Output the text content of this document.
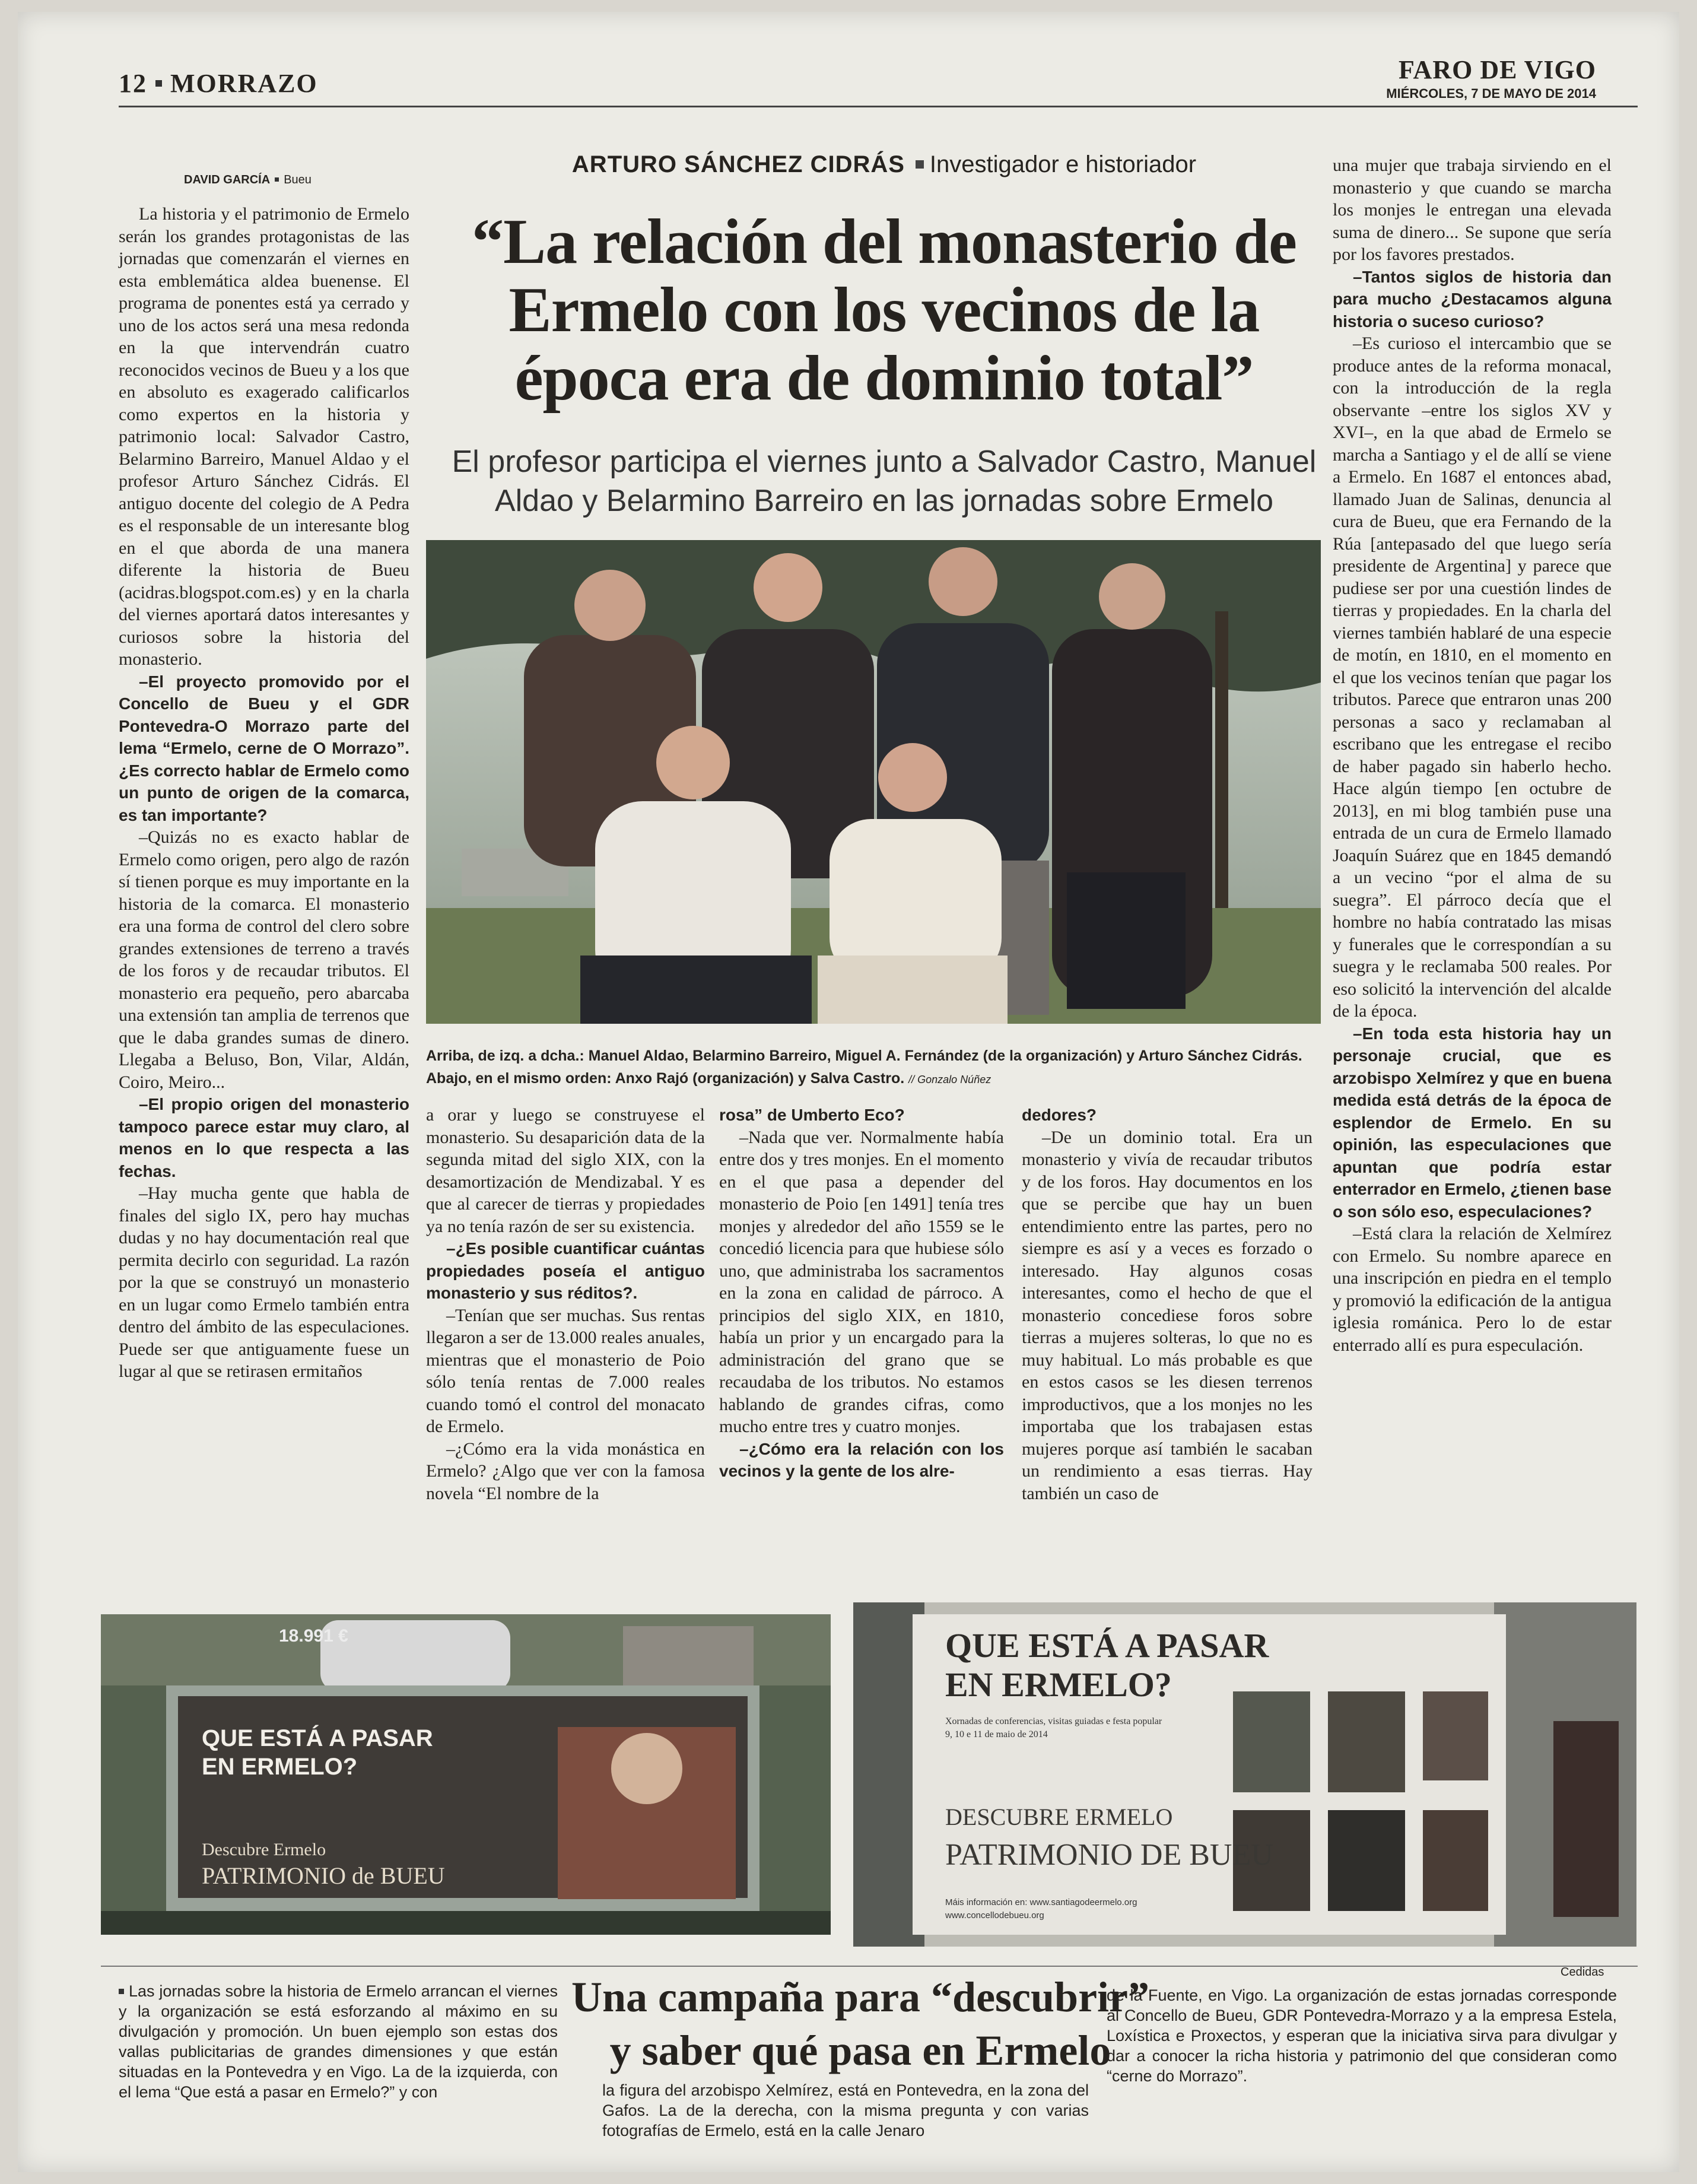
12 MORRAZO	FARO DE VIGO
MIÉRCOLES, 7 DE MAYO DE 2014
DAVID GARCÍA Bueu
ARTURO SÁNCHEZ CIDRÁS Investigador e historiador
“La relación del monasterio de Ermelo con los vecinos de la época era de dominio total”
El profesor participa el viernes junto a Salvador Castro, Manuel Aldao y Belarmino Barreiro en las jornadas sobre Ermelo

La historia y el patrimonio de Ermelo serán los grandes protagonistas de las jornadas que comenzarán el viernes en esta emblemática aldea buenense. El programa de ponentes está ya cerrado y uno de los actos será una mesa redonda en la que intervendrán cuatro reconocidos vecinos de Bueu y a los que en absoluto es exagerado calificarlos como expertos en la historia y patrimonio local: Salvador Castro, Belarmino Barreiro, Manuel Aldao y el profesor Arturo Sánchez Cidrás. El antiguo docente del colegio de A Pedra es el responsable de un interesante blog en el que aborda de una manera diferente la historia de Bueu (acidras.blogspot.com.es) y en la charla del viernes aportará datos interesantes y curiosos sobre la historia del monasterio.

–El proyecto promovido por el Concello de Bueu y el GDR Pontevedra-O Morrazo parte del lema “Ermelo, cerne de O Morrazo”. ¿Es correcto hablar de Ermelo como un punto de origen de la comarca, es tan importante?

–Quizás no es exacto hablar de Ermelo como origen, pero algo de razón sí tienen porque es muy importante en la historia de la comarca. El monasterio era una forma de control del clero sobre grandes extensiones de terreno a través de los foros y de recaudar tributos. El monasterio era pequeño, pero abarcaba una extensión tan amplia de terrenos que que le daba grandes sumas de dinero. Llegaba a Beluso, Bon, Vilar, Aldán, Coiro, Meiro...

–El propio origen del monasterio tampoco parece estar muy claro, al menos en lo que respecta a las fechas.

–Hay mucha gente que habla de finales del siglo IX, pero hay muchas dudas y no hay documentación real que permita decirlo con seguridad. La razón por la que se construyó un monasterio en un lugar como Ermelo también entra dentro del ámbito de las especulaciones. Puede ser que antiguamente fuese un lugar al que se retirasen ermitaños

Arriba, de izq. a dcha.: Manuel Aldao, Belarmino Barreiro, Miguel A. Fernández (de la organización) y Arturo Sánchez Cidrás. Abajo, en el mismo orden: Anxo Rajó (organización) y Salva Castro. // Gonzalo Núñez

a orar y luego se construyese el monasterio. Su desaparición data de la segunda mitad del siglo XIX, con la desamortización de Mendizabal. Y es que al carecer de tierras y propiedades ya no tenía razón de ser su existencia.

–¿Es posible cuantificar cuántas propiedades poseía el antiguo monasterio y sus réditos?.

–Tenían que ser muchas. Sus rentas llegaron a ser de 13.000 reales anuales, mientras que el monasterio de Poio sólo tenía rentas de 7.000 reales cuando tomó el control del monacato de Ermelo.

–¿Cómo era la vida monástica en Ermelo? ¿Algo que ver con la famosa novela “El nombre de la

rosa” de Umberto Eco?

–Nada que ver. Normalmente había entre dos y tres monjes. En el momento en el que pasa a depender del monasterio de Poio [en 1491] tenía tres monjes y alrededor del año 1559 se le concedió licencia para que hubiese sólo uno, que administraba los sacramentos en la zona en calidad de párroco. A principios del siglo XIX, en 1810, había un prior y un encargado para la administración del grano que se recaudaba de los tributos. No estamos hablando de grandes cifras, como mucho entre tres y cuatro monjes.

–¿Cómo era la relación con los vecinos y la gente de los alre-

dedores?

–De un dominio total. Era un monasterio y vivía de recaudar tributos y de los foros. Hay documentos en los que se percibe que hay un buen entendimiento entre las partes, pero no siempre es así y a veces es forzado o interesado. Hay algunos cosas interesantes, como el hecho de que el monasterio concediese foros sobre tierras a mujeres solteras, lo que no es muy habitual. Lo más probable es que en estos casos se les diesen terrenos improductivos, que a los monjes no les importaba que los trabajasen estas mujeres porque así también le sacaban un rendimiento a esas tierras. Hay también un caso de

una mujer que trabaja sirviendo en el monasterio y que cuando se marcha los monjes le entregan una elevada suma de dinero... Se supone que sería por los favores prestados.

–Tantos siglos de historia dan para mucho ¿Destacamos alguna historia o suceso curioso?

–Es curioso el intercambio que se produce antes de la reforma monacal, con la introducción de la regla observante –entre los siglos XV y XVI–, en la que abad de Ermelo se marcha a Santiago y el de allí se viene a Ermelo. En 1687 el entonces abad, llamado Juan de Salinas, denuncia al cura de Bueu, que era Fernando de la Rúa [antepasado del que luego sería presidente de Argentina] y parece que pudiese ser por una cuestión lindes de tierras y propiedades. En la charla del viernes también hablaré de una especie de motín, en 1810, en el momento en el que los vecinos tenían que pagar los tributos. Parece que entraron unas 200 personas a saco y reclamaban al escribano que les entregase el recibo de haber pagado sin haberlo hecho. Hace algún tiempo [en octubre de 2013], en mi blog también puse una entrada de un cura de Ermelo llamado Joaquín Suárez que en 1845 demandó a un vecino “por el alma de su suegra”. El párroco decía que el hombre no había contratado las misas y funerales que le correspondían a su suegra y le reclamaba 500 reales. Por eso solicitó la intervención del alcalde de la época.

–En toda esta historia hay un personaje crucial, que es arzobispo Xelmírez y que en buena medida está detrás de la época de esplendor de Ermelo. En su opinión, las especulaciones que apuntan que podría estar enterrador en Ermelo, ¿tienen base o son sólo eso, especulaciones?

–Está clara la relación de Xelmírez con Ermelo. Su nombre aparece en una inscripción en piedra en el templo y promovió la edificación de la antigua iglesia románica. Pero lo de estar enterrado allí es pura especulación.

QUE ESTÁ A PASAR
EN ERMELO?
Descubre Ermelo
PATRIMONIO de BUEU
18.991 €	QUE ESTÁ A PASAR
EN ERMELO?
Xornadas de conferencias, visitas guiadas e festa popular
9, 10 e 11 de maio de 2014
DESCUBRE ERMELO
PATRIMONIO DE BUEU
Máis información en: www.santiagodeermelo.org
www.concellodebueu.org
Cedidas
Las jornadas sobre la historia de Ermelo arrancan el viernes y la organización se está esforzando al máximo en su divulgación y promoción. Un buen ejemplo son estas dos vallas publicitarias de grandes dimensiones y que están situadas en la Pontevedra y en Vigo. La de la izquierda, con el lema “Que está a pasar en Ermelo?” y con
Una campaña para “descubrir”
y saber qué pasa en Ermelo
la figura del arzobispo Xelmírez, está en Pontevedra, en la zona del Gafos. La de la derecha, con la misma pregunta y con varias fotografías de Ermelo, está en la calle Jenaro
de la Fuente, en Vigo. La organización de estas jornadas corresponde al Concello de Bueu, GDR Pontevedra-Morrazo y a la empresa Estela, Loxística e Proxectos, y esperan que la iniciativa sirva para divulgar y dar a conocer la richa historia y patrimonio del que consideran como “cerne do Morrazo”.
